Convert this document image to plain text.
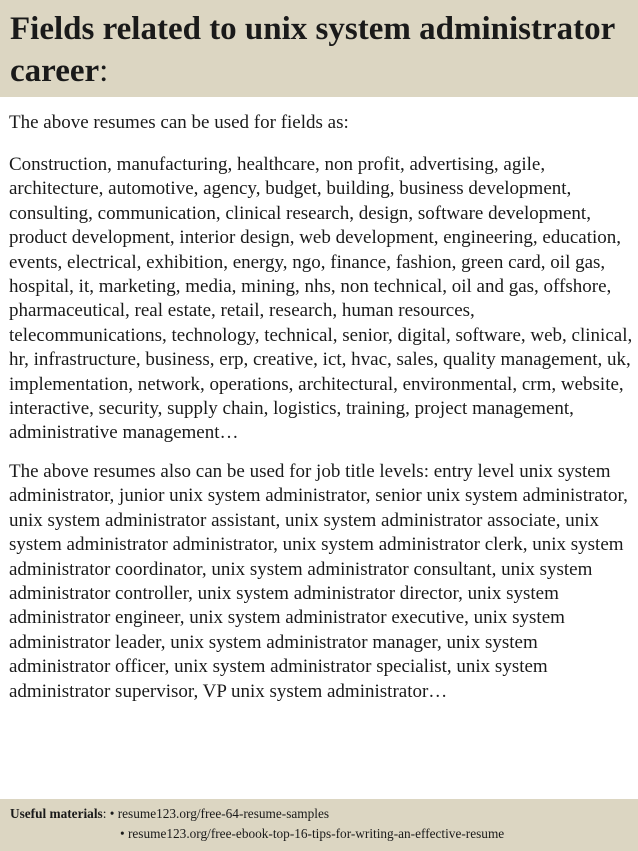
Fields related to unix system administrator career:

The above resumes can be used for fields as:

Construction, manufacturing, healthcare, non profit, advertising, agile, architecture, automotive, agency, budget, building, business development, consulting, communication, clinical research, design, software development, product development, interior design, web development, engineering, education, events, electrical, exhibition, energy, ngo, finance, fashion, green card, oil gas, hospital, it, marketing, media, mining, nhs, non technical, oil and gas, offshore, pharmaceutical, real estate, retail, research, human resources, telecommunications, technology, technical, senior, digital, software, web, clinical, hr, infrastructure, business, erp, creative, ict, hvac, sales, quality management, uk, implementation, network, operations, architectural, environmental, crm, website, interactive, security, supply chain, logistics, training, project management, administrative management…

The above resumes also can be used for job title levels: entry level unix system administrator, junior unix system administrator, senior unix system administrator, unix system administrator assistant, unix system administrator associate, unix system administrator administrator, unix system administrator clerk, unix system administrator coordinator, unix system administrator consultant, unix system administrator controller, unix system administrator director, unix system administrator engineer, unix system administrator executive, unix system administrator leader, unix system administrator manager, unix system administrator officer, unix system administrator specialist, unix system administrator supervisor, VP unix system administrator…

Useful materials: • resume123.org/free-64-resume-samples
• resume123.org/free-ebook-top-16-tips-for-writing-an-effective-resume
